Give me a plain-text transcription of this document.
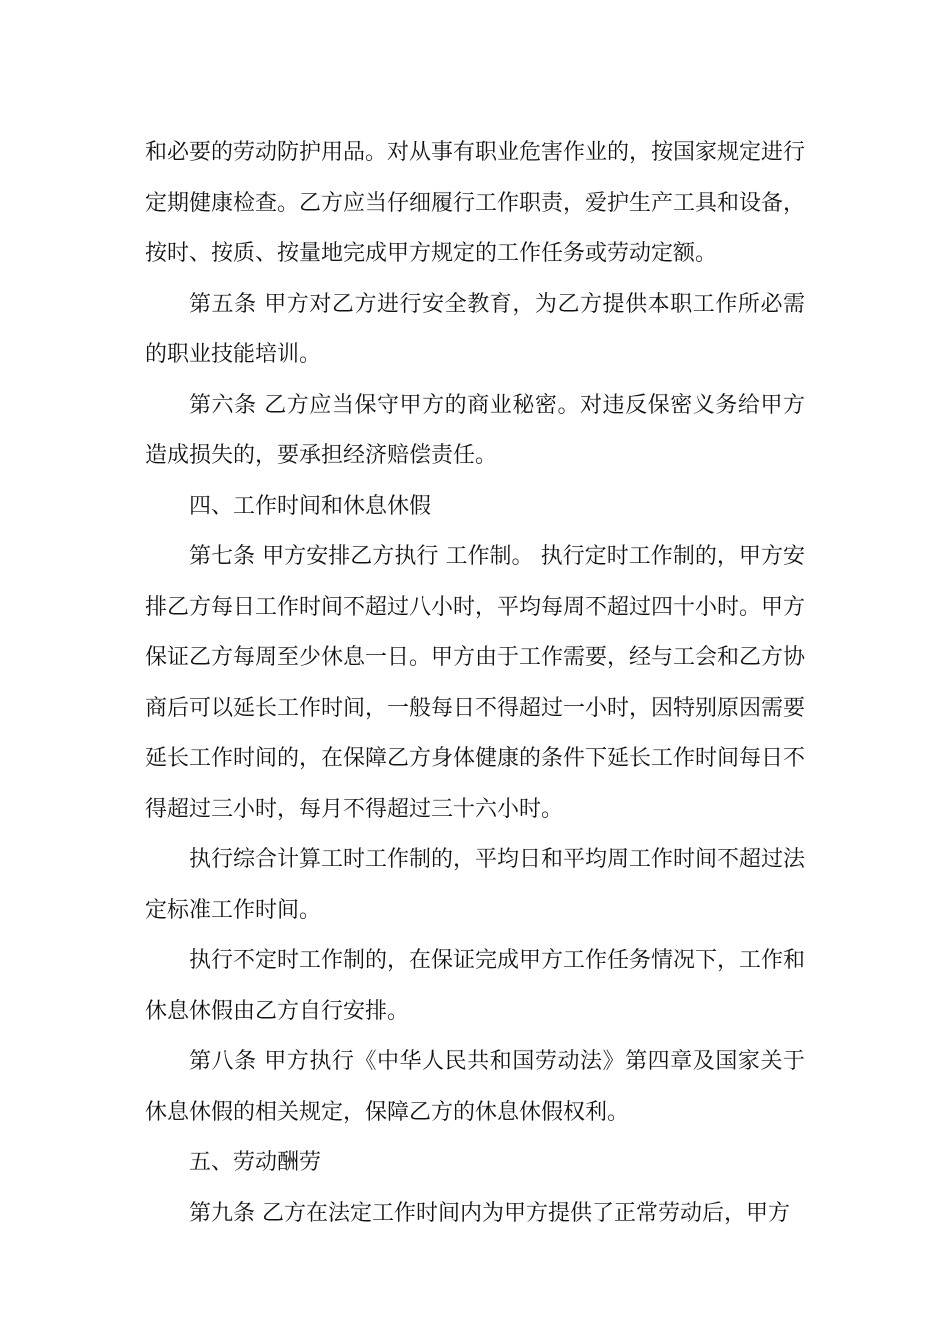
和必要的劳动防护用品。对从事有职业危害作业的，按国家规定进行定期健康检查。乙方应当仔细履行工作职责，爱护生产工具和设备，按时、按质、按量地完成甲方规定的工作任务或劳动定额。

第五条 甲方对乙方进行安全教育，为乙方提供本职工作所必需的职业技能培训。

第六条 乙方应当保守甲方的商业秘密。对违反保密义务给甲方造成损失的，要承担经济赔偿责任。

四、工作时间和休息休假

第七条 甲方安排乙方执行 工作制。 执行定时工作制的，甲方安排乙方每日工作时间不超过八小时，平均每周不超过四十小时。甲方保证乙方每周至少休息一日。甲方由于工作需要，经与工会和乙方协商后可以延长工作时间，一般每日不得超过一小时，因特别原因需要延长工作时间的，在保障乙方身体健康的条件下延长工作时间每日不得超过三小时，每月不得超过三十六小时。

执行综合计算工时工作制的，平均日和平均周工作时间不超过法定标准工作时间。

执行不定时工作制的，在保证完成甲方工作任务情况下，工作和休息休假由乙方自行安排。

第八条 甲方执行《中华人民共和国劳动法》第四章及国家关于休息休假的相关规定，保障乙方的休息休假权利。

五、劳动酬劳

第九条 乙方在法定工作时间内为甲方提供了正常劳动后，甲方
